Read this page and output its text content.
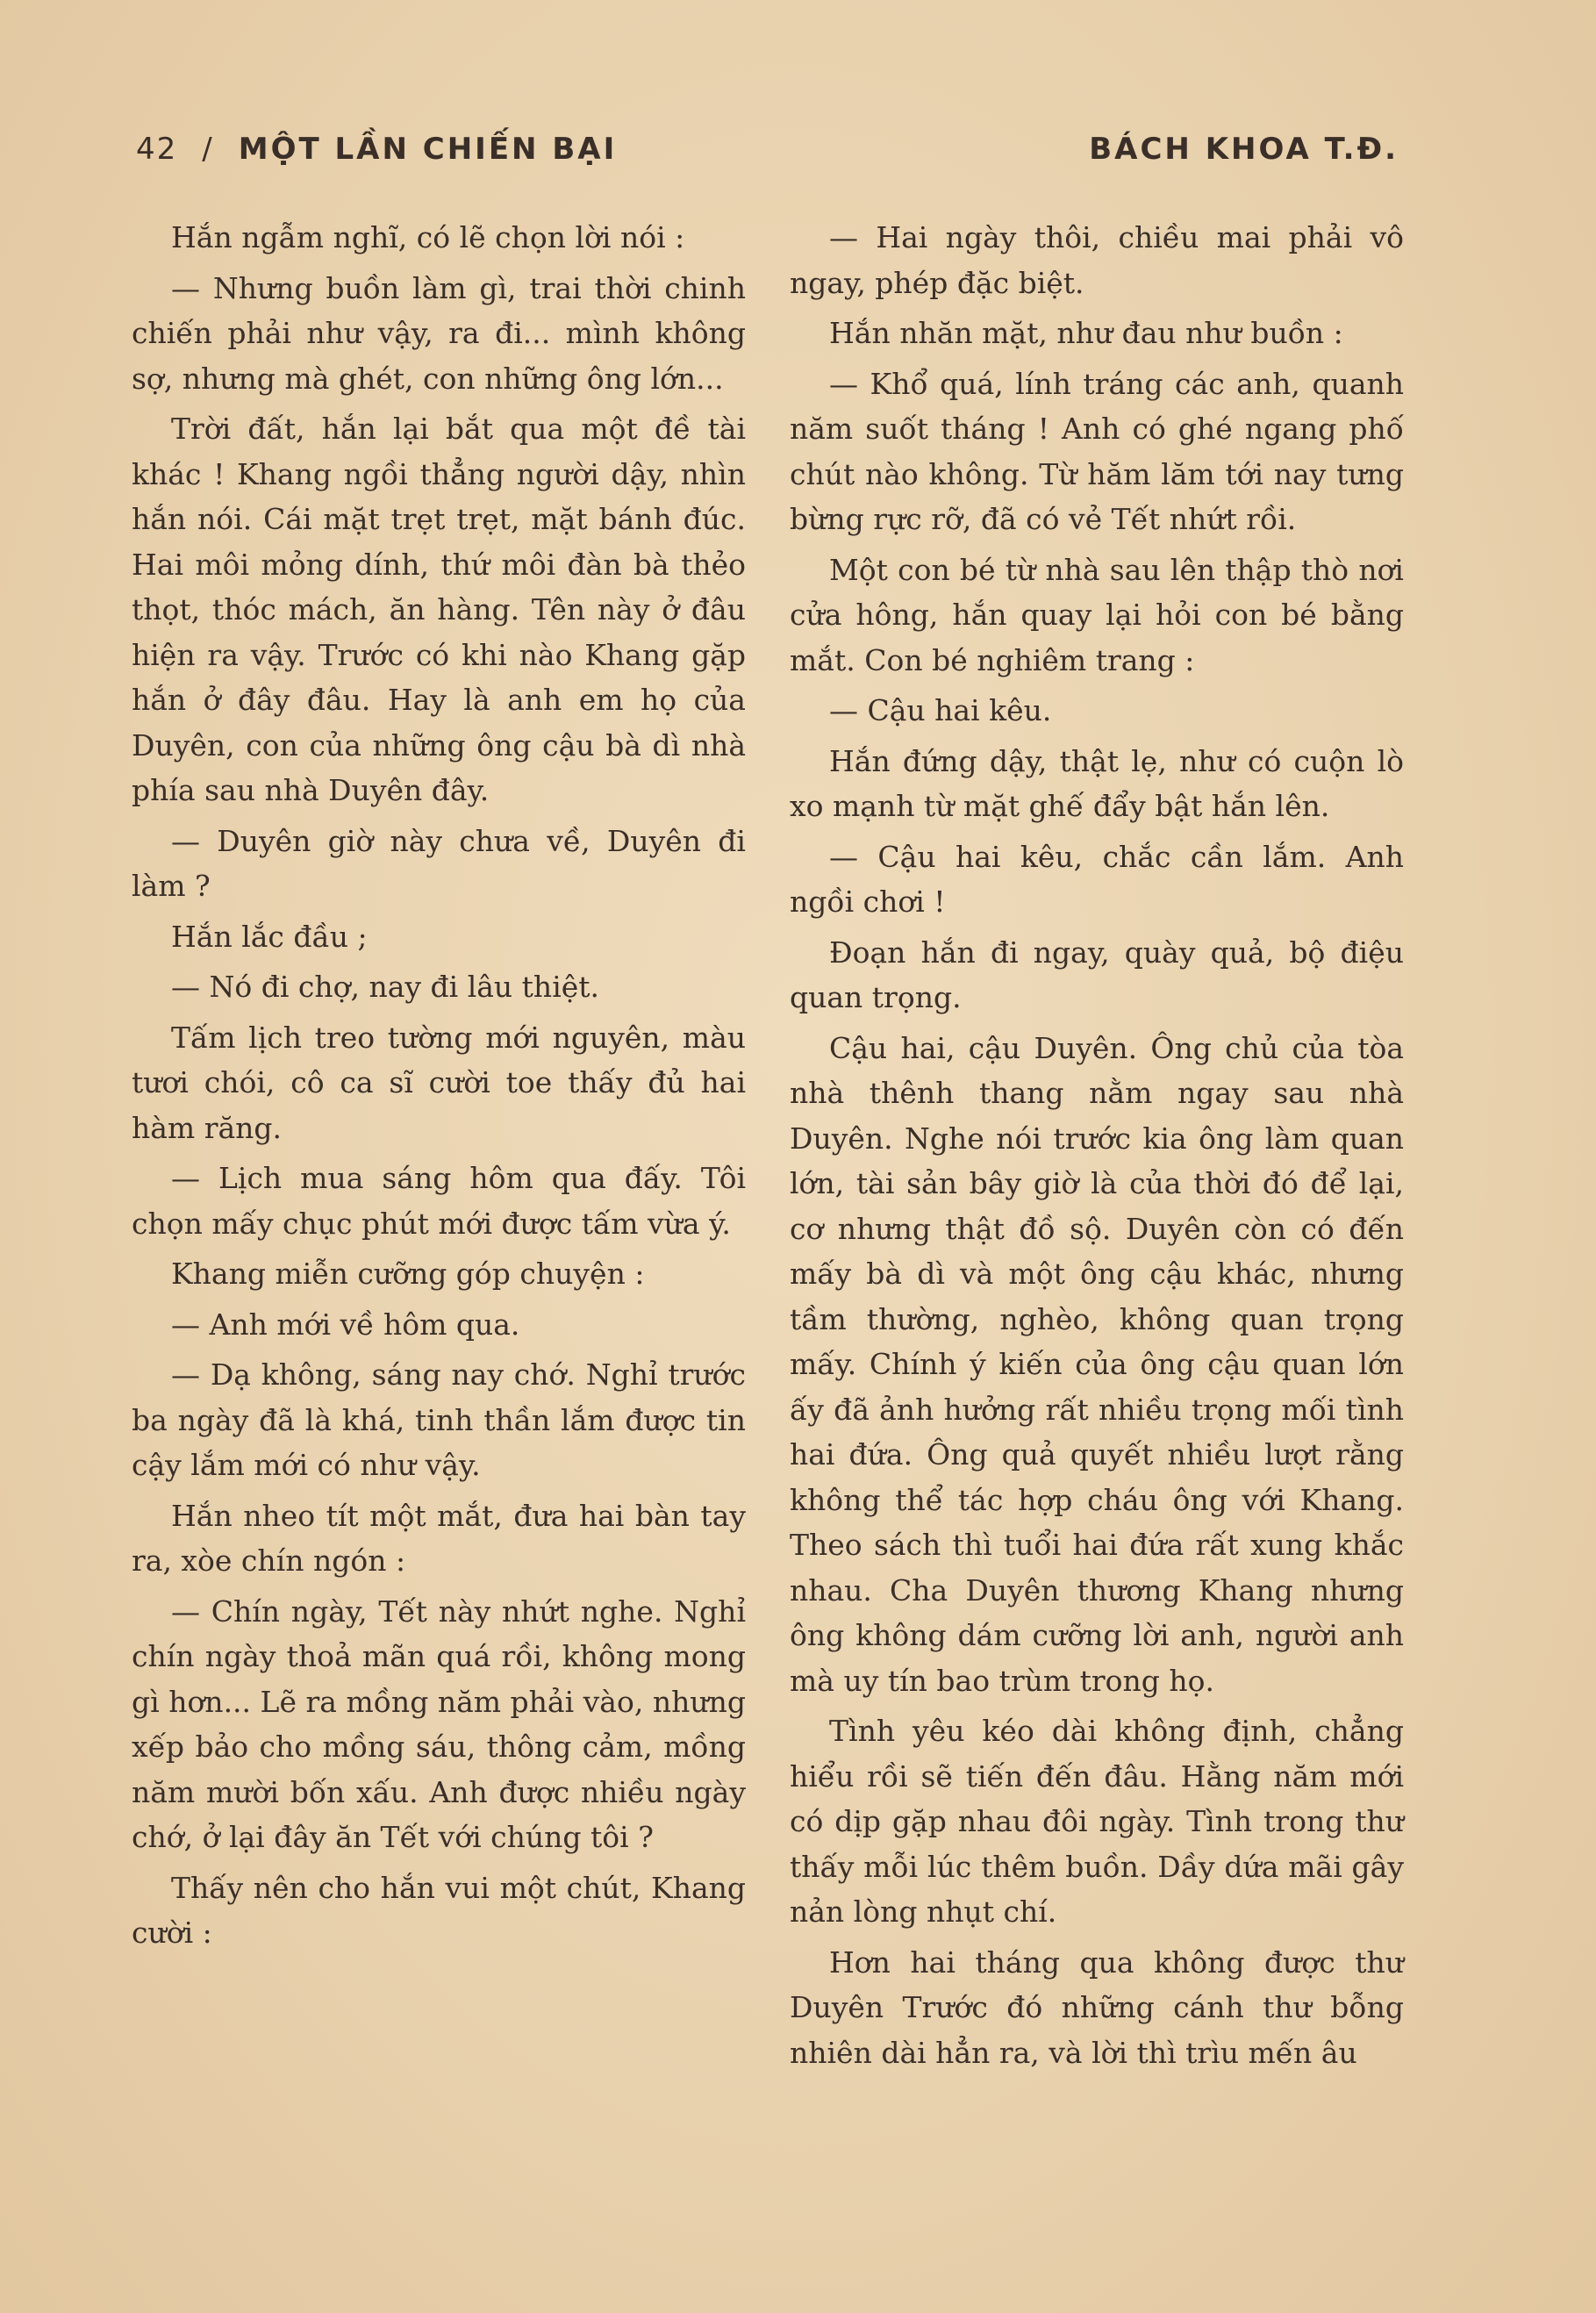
42 / MỘT LẦN CHIẾN BẠI	BÁCH KHOA T.Đ.

Hắn ngẫm nghĩ, có lẽ chọn lời nói :

— Nhưng buồn làm gì, trai thời chinh chiến phải như vậy, ra đi... mình không sợ, nhưng mà ghét, con những ông lớn...

Trời đất, hắn lại bắt qua một đề tài khác ! Khang ngồi thẳng người dậy, nhìn hắn nói. Cái mặt trẹt trẹt, mặt bánh đúc. Hai môi mỏng dính, thứ môi đàn bà thẻo thọt, thóc mách, ăn hàng. Tên này ở đâu hiện ra vậy. Trước có khi nào Khang gặp hắn ở đây đâu. Hay là anh em họ của Duyên, con của những ông cậu bà dì nhà phía sau nhà Duyên đây.

— Duyên giờ này chưa về, Duyên đi làm ?

Hắn lắc đầu ;

— Nó đi chợ, nay đi lâu thiệt.

Tấm lịch treo tường mới nguyên, màu tươi chói, cô ca sĩ cười toe thấy đủ hai hàm răng.

— Lịch mua sáng hôm qua đấy. Tôi chọn mấy chục phút mới được tấm vừa ý.

Khang miễn cưỡng góp chuyện :

— Anh mới về hôm qua.

— Dạ không, sáng nay chớ. Nghỉ trước ba ngày đã là khá, tinh thần lắm được tin cậy lắm mới có như vậy.

Hắn nheo tít một mắt, đưa hai bàn tay ra, xòe chín ngón :

— Chín ngày, Tết này nhứt nghe. Nghỉ chín ngày thoả mãn quá rồi, không mong gì hơn... Lẽ ra mồng năm phải vào, nhưng xếp bảo cho mồng sáu, thông cảm, mồng năm mười bốn xấu. Anh được nhiều ngày chớ, ở lại đây ăn Tết với chúng tôi ?

Thấy nên cho hắn vui một chút, Khang cười :

— Hai ngày thôi, chiều mai phải vô ngay, phép đặc biệt.

Hắn nhăn mặt, như đau như buồn :

— Khổ quá, lính tráng các anh, quanh năm suốt tháng ! Anh có ghé ngang phố chút nào không. Từ hăm lăm tới nay tưng bừng rực rỡ, đã có vẻ Tết nhứt rồi.

Một con bé từ nhà sau lên thập thò nơi cửa hông, hắn quay lại hỏi con bé bằng mắt. Con bé nghiêm trang :

— Cậu hai kêu.

Hắn đứng dậy, thật lẹ, như có cuộn lò xo mạnh từ mặt ghế đẩy bật hắn lên.

— Cậu hai kêu, chắc cần lắm. Anh ngồi chơi !

Đoạn hắn đi ngay, quày quả, bộ điệu quan trọng.

Cậu hai, cậu Duyên. Ông chủ của tòa nhà thênh thang nằm ngay sau nhà Duyên. Nghe nói trước kia ông làm quan lớn, tài sản bây giờ là của thời đó để lại, cơ nhưng thật đồ sộ. Duyên còn có đến mấy bà dì và một ông cậu khác, nhưng tầm thường, nghèo, không quan trọng mấy. Chính ý kiến của ông cậu quan lớn ấy đã ảnh hưởng rất nhiều trọng mối tình hai đứa. Ông quả quyết nhiều lượt rằng không thể tác hợp cháu ông với Khang. Theo sách thì tuổi hai đứa rất xung khắc nhau. Cha Duyên thương Khang nhưng ông không dám cưỡng lời anh, người anh mà uy tín bao trùm trong họ.

Tình yêu kéo dài không định, chẳng hiểu rồi sẽ tiến đến đâu. Hằng năm mới có dịp gặp nhau đôi ngày. Tình trong thư thấy mỗi lúc thêm buồn. Dầy dứa mãi gây nản lòng nhụt chí.

Hơn hai tháng qua không được thư Duyên Trước đó những cánh thư bỗng nhiên dài hẳn ra, và lời thì trìu mến âu
